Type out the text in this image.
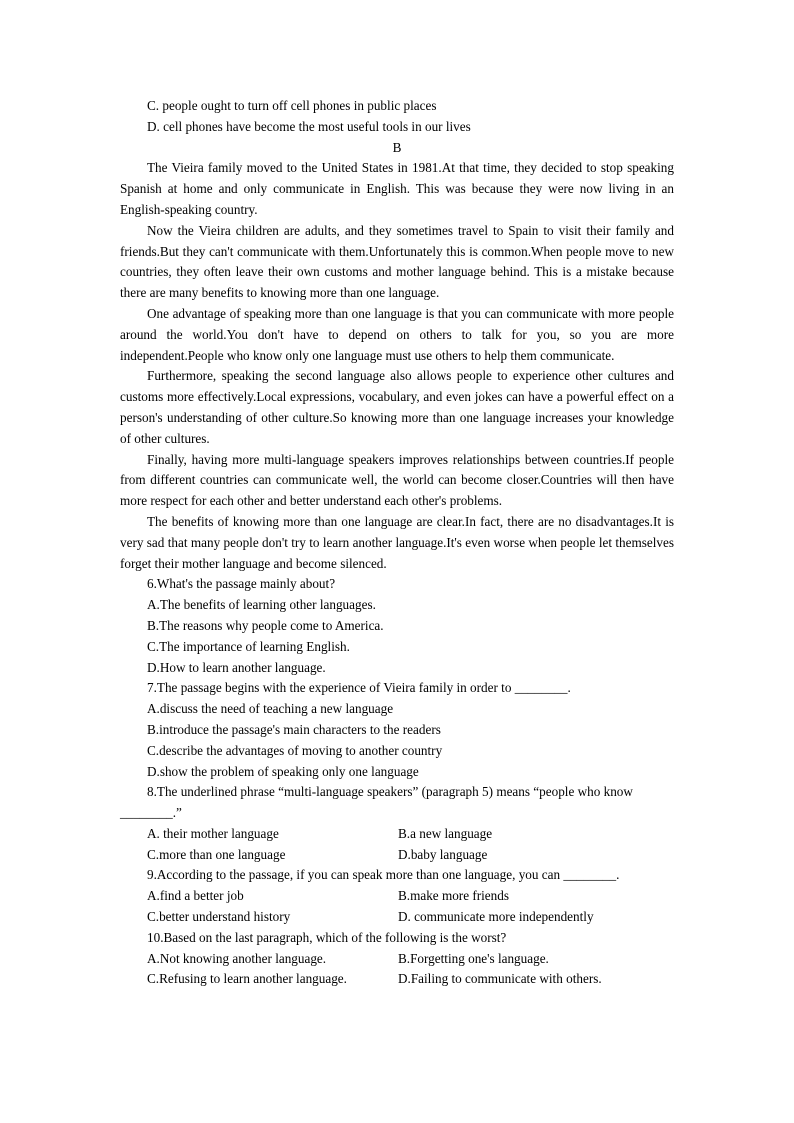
C. people ought to turn off cell phones in public places
D. cell phones have become the most useful tools in our lives
B
The Vieira family moved to the United States in 1981.At that time, they decided to stop speaking Spanish at home and only communicate in English. This was because they were now living in an English-speaking country.
Now the Vieira children are adults, and they sometimes travel to Spain to visit their family and friends.But they can't communicate with them.Unfortunately this is common.When people move to new countries, they often leave their own customs and mother language behind. This is a mistake because there are many benefits to knowing more than one language.
One advantage of speaking more than one language is that you can communicate with more people around the world.You don't have to depend on others to talk for you, so you are more independent.People who know only one language must use others to help them communicate.
Furthermore, speaking the second language also allows people to experience other cultures and customs more effectively.Local expressions, vocabulary, and even jokes can have a powerful effect on a person's understanding of other culture.So knowing more than one language increases your knowledge of other cultures.
Finally, having more multi-language speakers improves relationships between countries.If people from different countries can communicate well, the world can become closer.Countries will then have more respect for each other and better understand each other's problems.
The benefits of knowing more than one language are clear.In fact, there are no disadvantages.It is very sad that many people don't try to learn another language.It's even worse when people let themselves forget their mother language and become silenced.
6.What's the passage mainly about?
A.The benefits of learning other languages.
B.The reasons why people come to America.
C.The importance of learning English.
D.How to learn another language.
7.The passage begins with the experience of Vieira family in order to ________.
A.discuss the need of teaching a new language
B.introduce the passage's main characters to the readers
C.describe the advantages of moving to another country
D.show the problem of speaking only one language
8.The underlined phrase “multi-language speakers” (paragraph 5) means “people who know
________.”
A. their mother language	B.a new language
C.more than one language	D.baby language
9.According to the passage, if you can speak more than one language, you can ________.
A.find a better job	B.make more friends
C.better understand history	D. communicate more independently
10.Based on the last paragraph, which of the following is the worst?
A.Not knowing another language.	B.Forgetting one's language.
C.Refusing to learn another language.	D.Failing to communicate with others.
